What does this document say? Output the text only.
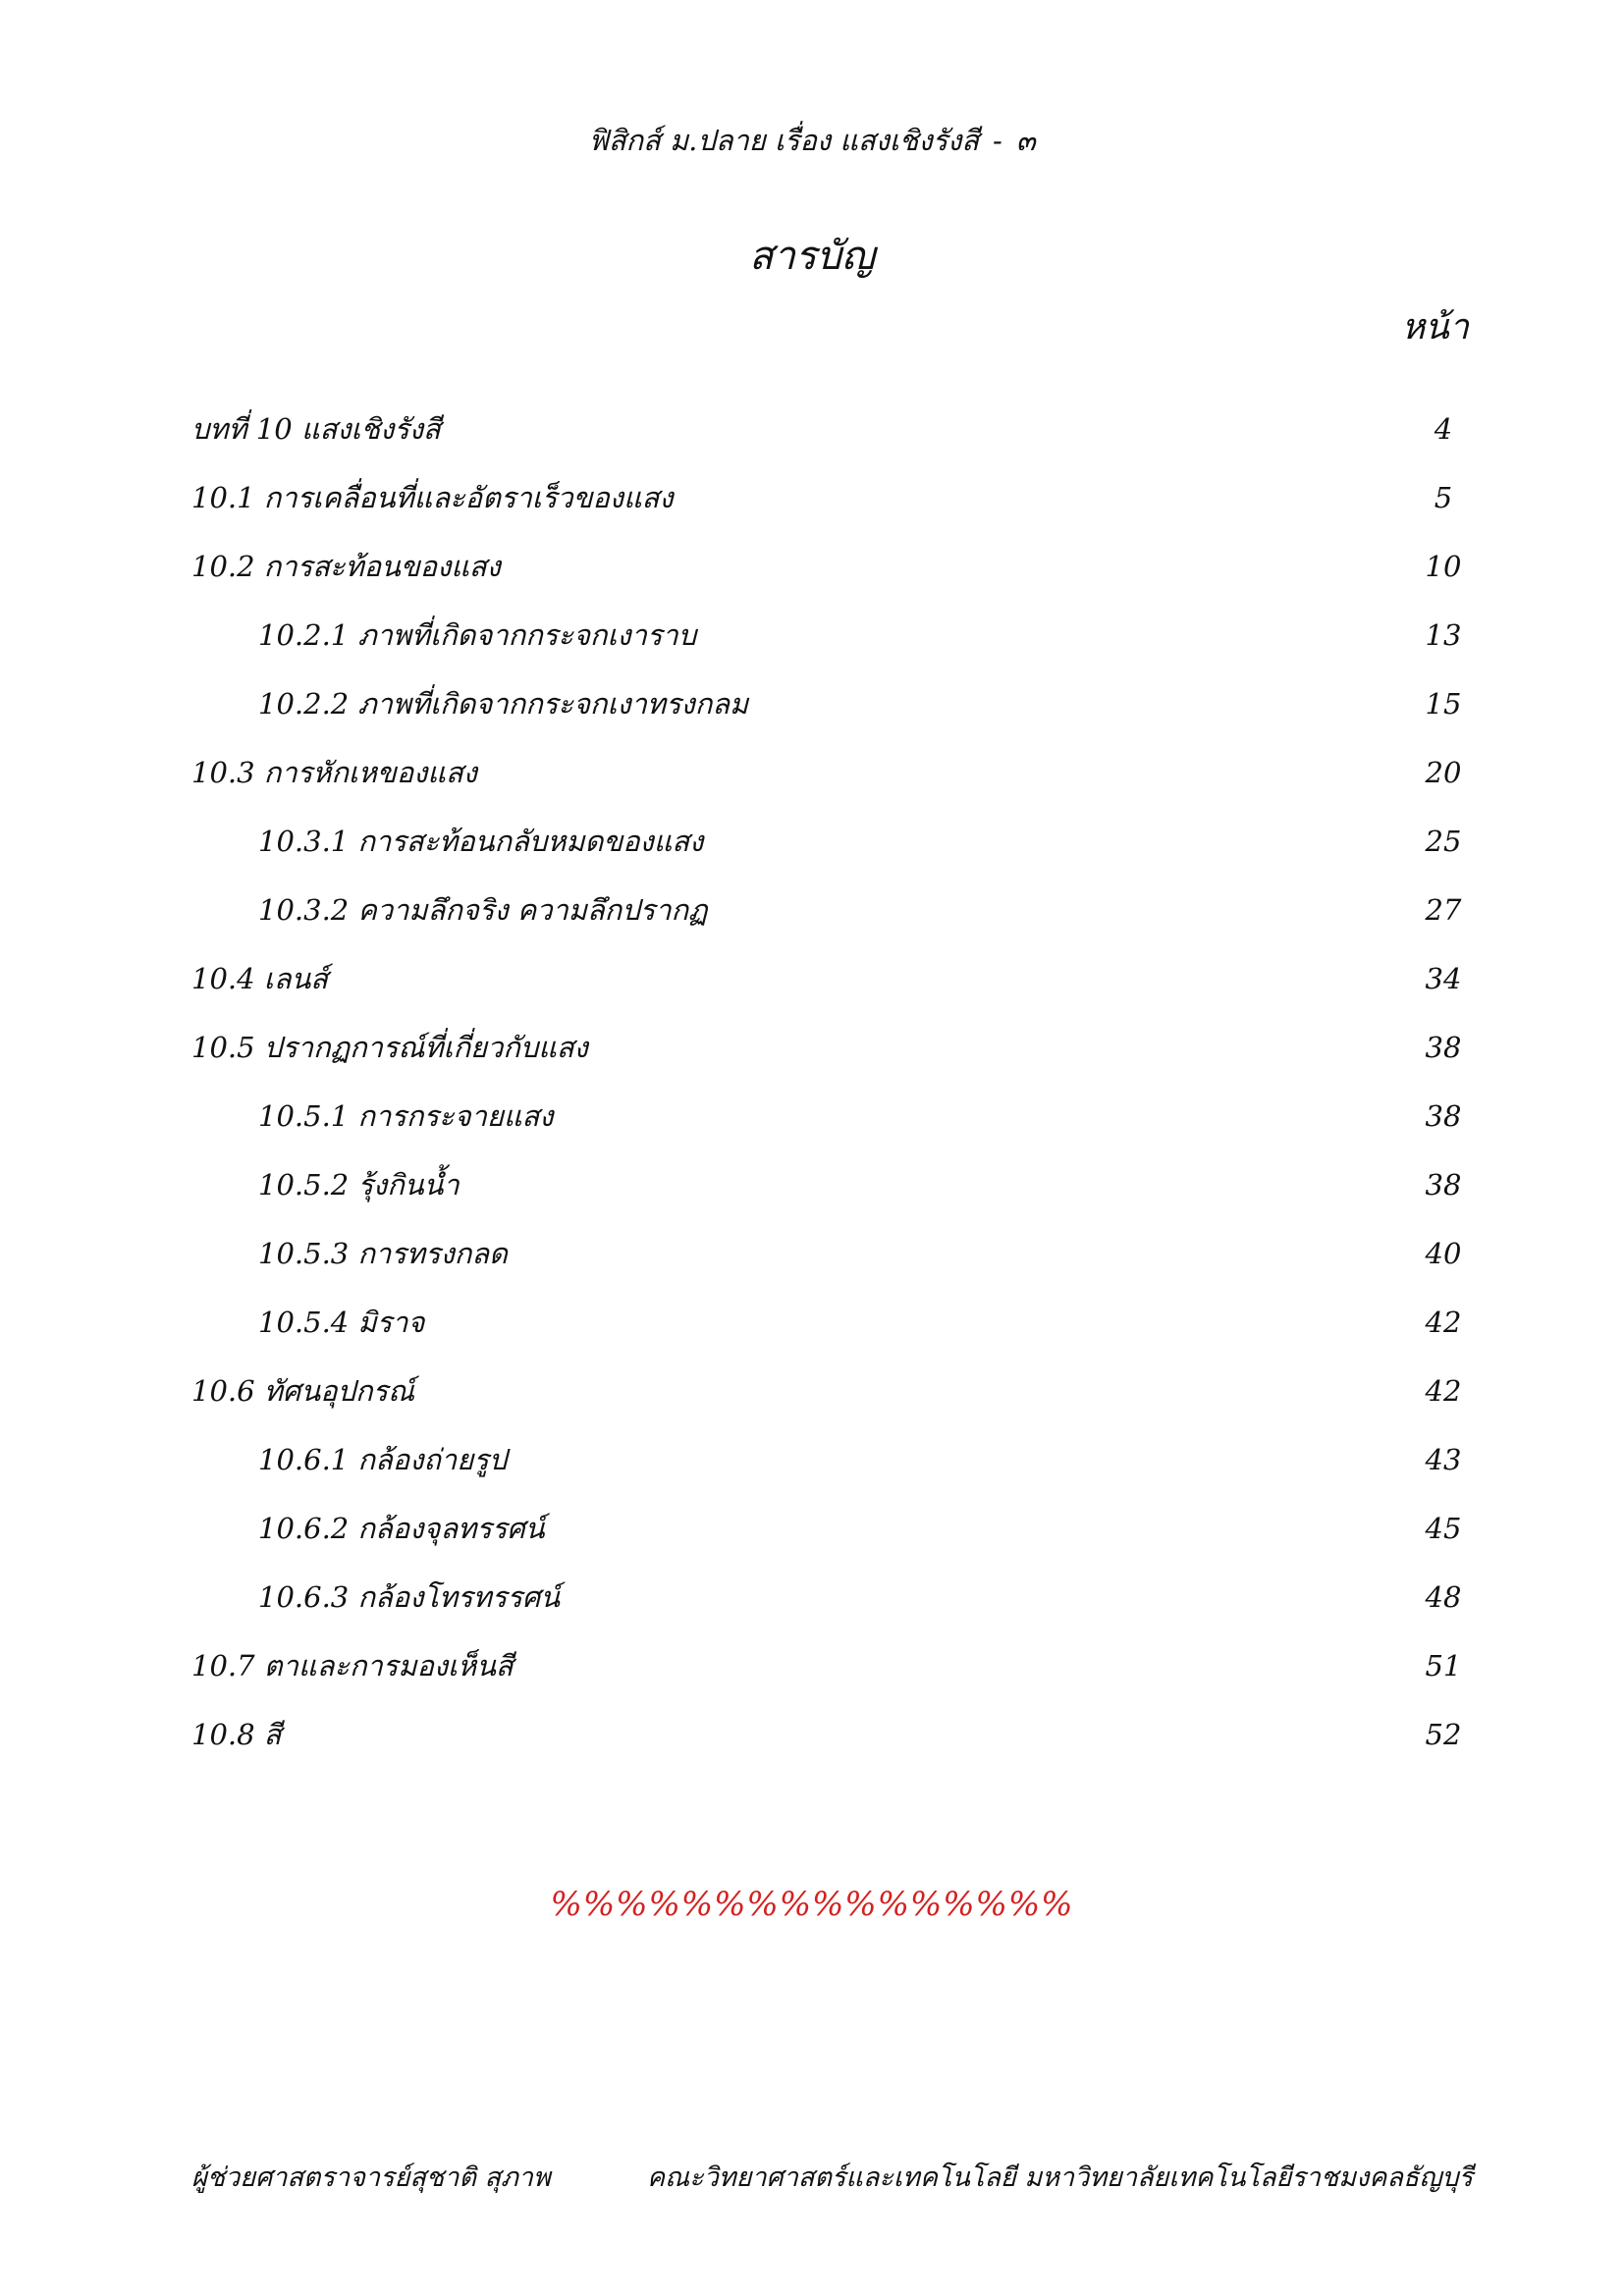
ฟิสิกส์ ม.ปลาย เรื่อง แสงเชิงรังสี - ๓
สารบัญ
หน้า
บทที่ 10 แสงเชิงรังสี	4
10.1 การเคลื่อนที่และอัตราเร็วของแสง	5
10.2 การสะท้อนของแสง	10
10.2.1 ภาพที่เกิดจากกระจกเงาราบ	13
10.2.2 ภาพที่เกิดจากกระจกเงาทรงกลม	15
10.3 การหักเหของแสง	20
10.3.1 การสะท้อนกลับหมดของแสง	25
10.3.2 ความลึกจริง ความลึกปรากฏ	27
10.4 เลนส์	34
10.5 ปรากฏการณ์ที่เกี่ยวกับแสง	38
10.5.1 การกระจายแสง	38
10.5.2 รุ้งกินน้ำ	38
10.5.3 การทรงกลด	40
10.5.4 มิราจ	42
10.6 ทัศนอุปกรณ์	42
10.6.1 กล้องถ่ายรูป	43
10.6.2 กล้องจุลทรรศน์	45
10.6.3 กล้องโทรทรรศน์	48
10.7 ตาและการมองเห็นสี	51
10.8 สี	52
%%%%%%%%%%%%%%%%
ผู้ช่วยศาสตราจารย์สุชาติ สุภาพ	คณะวิทยาศาสตร์และเทคโนโลยี มหาวิทยาลัยเทคโนโลยีราชมงคลธัญบุรี
